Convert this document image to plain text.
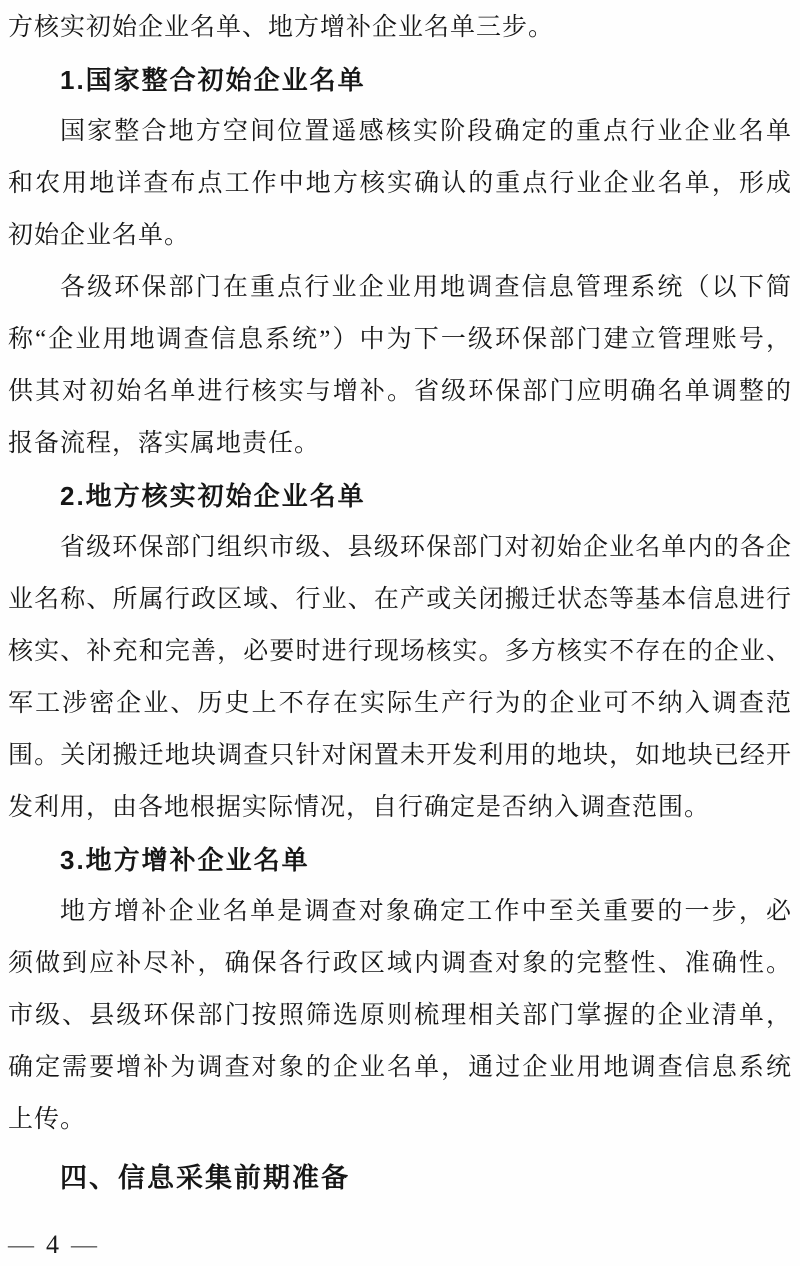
方核实初始企业名单、地方增补企业名单三步。
1.国家整合初始企业名单
国家整合地方空间位置遥感核实阶段确定的重点行业企业名单
和农用地详查布点工作中地方核实确认的重点行业企业名单，形成
初始企业名单。
各级环保部门在重点行业企业用地调查信息管理系统（以下简
称“企业用地调查信息系统”）中为下一级环保部门建立管理账号，
供其对初始名单进行核实与增补。省级环保部门应明确名单调整的
报备流程，落实属地责任。
2.地方核实初始企业名单
省级环保部门组织市级、县级环保部门对初始企业名单内的各企
业名称、所属行政区域、行业、在产或关闭搬迁状态等基本信息进行
核实、补充和完善，必要时进行现场核实。多方核实不存在的企业、
军工涉密企业、历史上不存在实际生产行为的企业可不纳入调查范
围。关闭搬迁地块调查只针对闲置未开发利用的地块，如地块已经开
发利用，由各地根据实际情况，自行确定是否纳入调查范围。
3.地方增补企业名单
地方增补企业名单是调查对象确定工作中至关重要的一步，必
须做到应补尽补，确保各行政区域内调查对象的完整性、准确性。
市级、县级环保部门按照筛选原则梳理相关部门掌握的企业清单，
确定需要增补为调查对象的企业名单，通过企业用地调查信息系统
上传。
四、信息采集前期准备
— 4 —
